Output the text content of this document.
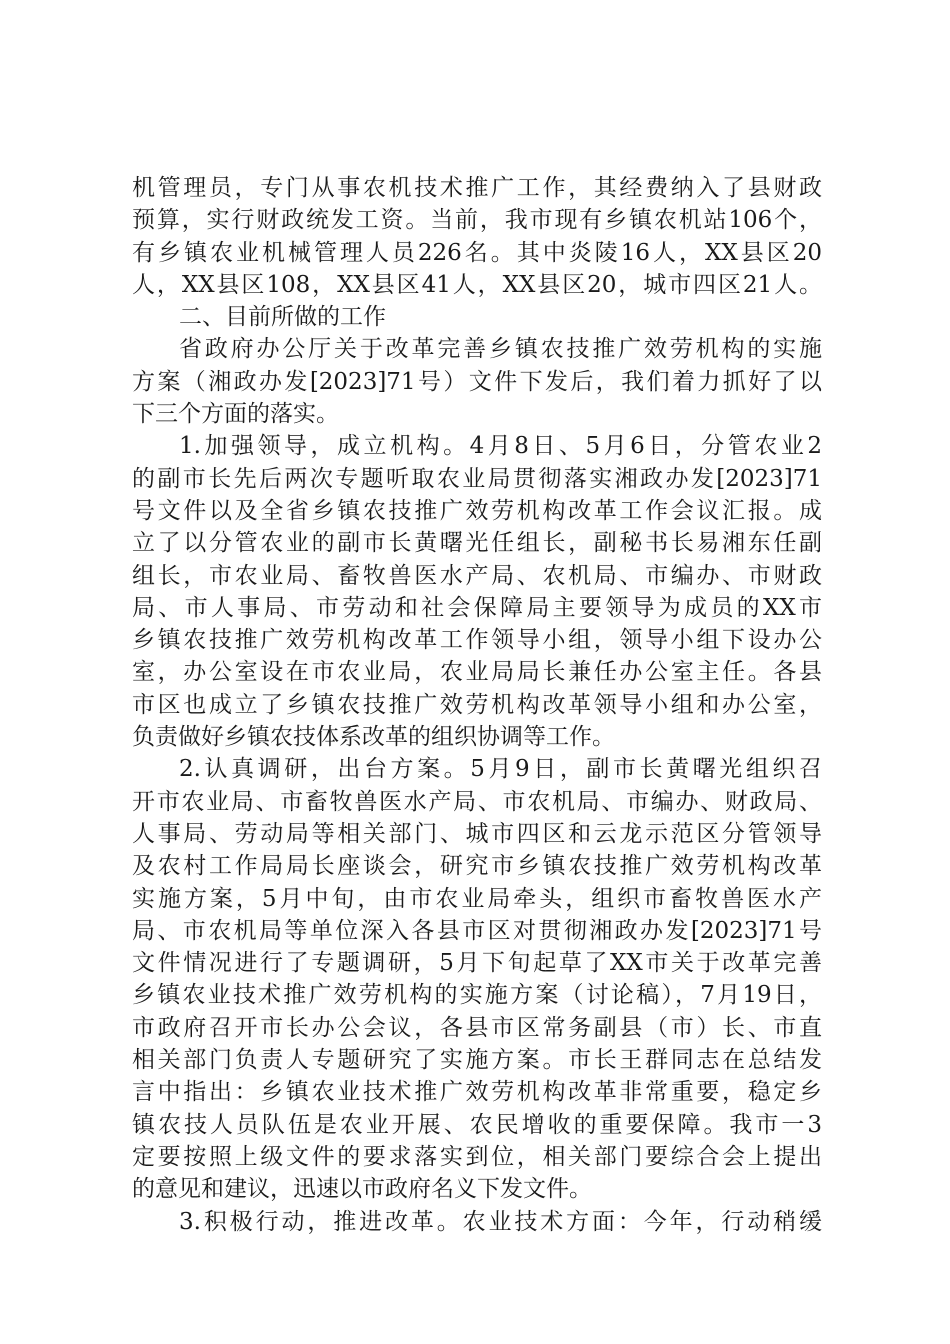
机管理员，专门从事农机技术推广工作，其经费纳入了县财政
预算，实行财政统发工资。当前，我市现有乡镇农机站106个，
有乡镇农业机械管理人员226名。其中炎陵16人，XX县区20
人，XX县区108，XX县区41人，XX县区20，城市四区21人。
二、目前所做的工作
省政府办公厅关于改革完善乡镇农技推广效劳机构的实施
方案（湘政办发[2023]71号）文件下发后，我们着力抓好了以
下三个方面的落实。
1.加强领导，成立机构。4月8日、5月6日，分管农业2
的副市长先后两次专题听取农业局贯彻落实湘政办发[2023]71
号文件以及全省乡镇农技推广效劳机构改革工作会议汇报。成
立了以分管农业的副市长黄曙光任组长，副秘书长易湘东任副
组长，市农业局、畜牧兽医水产局、农机局、市编办、市财政
局、市人事局、市劳动和社会保障局主要领导为成员的XX市
乡镇农技推广效劳机构改革工作领导小组，领导小组下设办公
室，办公室设在市农业局，农业局局长兼任办公室主任。各县
市区也成立了乡镇农技推广效劳机构改革领导小组和办公室，
负责做好乡镇农技体系改革的组织协调等工作。
2.认真调研，出台方案。5月9日，副市长黄曙光组织召
开市农业局、市畜牧兽医水产局、市农机局、市编办、财政局、
人事局、劳动局等相关部门、城市四区和云龙示范区分管领导
及农村工作局局长座谈会，研究市乡镇农技推广效劳机构改革
实施方案，5月中旬，由市农业局牵头，组织市畜牧兽医水产
局、市农机局等单位深入各县市区对贯彻湘政办发[2023]71号
文件情况进行了专题调研，5月下旬起草了XX市关于改革完善
乡镇农业技术推广效劳机构的实施方案（讨论稿），7月19日，
市政府召开市长办公会议，各县市区常务副县（市）长、市直
相关部门负责人专题研究了实施方案。市长王群同志在总结发
言中指出：乡镇农业技术推广效劳机构改革非常重要，稳定乡
镇农技人员队伍是农业开展、农民增收的重要保障。我市一3
定要按照上级文件的要求落实到位，相关部门要综合会上提出
的意见和建议，迅速以市政府名义下发文件。
3.积极行动，推进改革。农业技术方面：今年，行动稍缓
